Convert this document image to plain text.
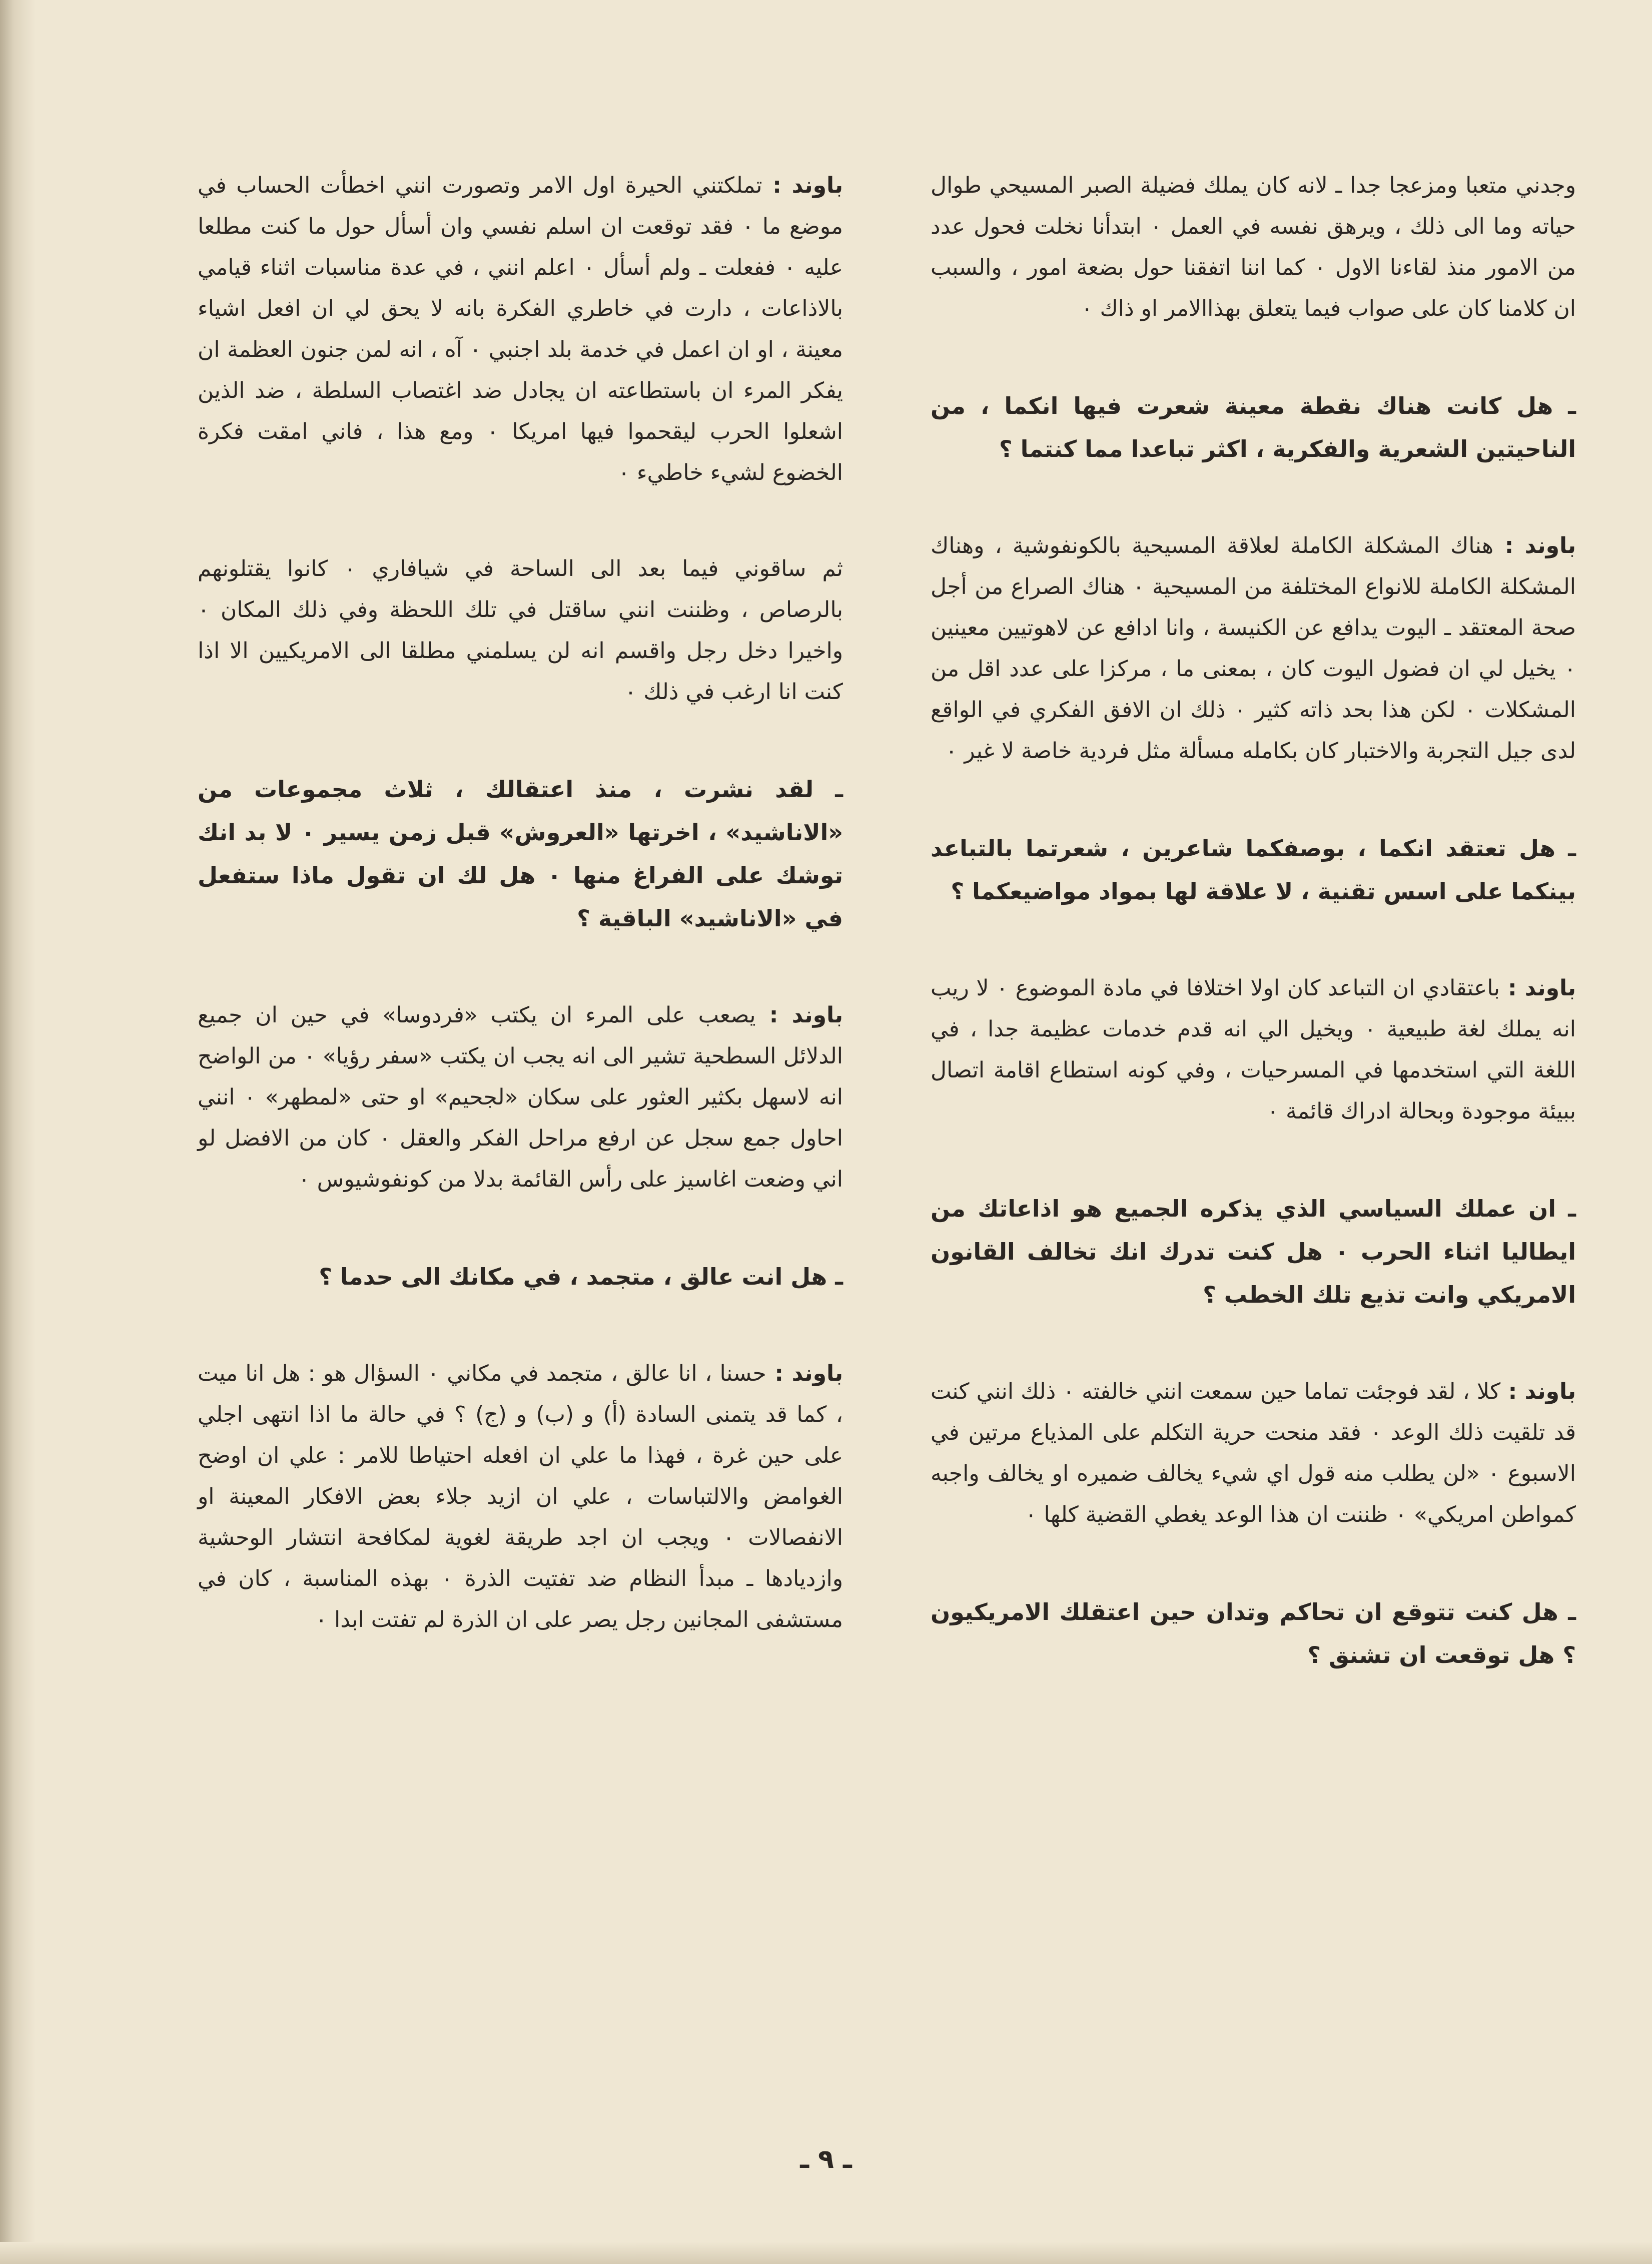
وجدني متعبا ومزعجا جدا ـ لانه كان يملك فضيلة الصبر المسيحي طوال حياته وما الى ذلك ، ويرهق نفسه في العمل ٠ ابتدأنا نخلت فحول عدد من الامور منذ لقاءنا الاول ٠ كما اننا اتفقنا حول بضعة امور ، والسبب ان كلامنا كان على صواب فيما يتعلق بهذاالامر او ذاك ٠

ـ هل كانت هناك نقطة معينة شعرت فيها انكما ، من الناحيتين الشعرية والفكرية ، اكثر تباعدا مما كنتما ؟

باوند : هناك المشكلة الكاملة لعلاقة المسيحية بالكونفوشية ، وهناك المشكلة الكاملة للانواع المختلفة من المسيحية ٠ هناك الصراع من أجل صحة المعتقد ـ اليوت يدافع عن الكنيسة ، وانا ادافع عن لاهوتيين معينين ٠ يخيل لي ان فضول اليوت كان ، بمعنى ما ، مركزا على عدد اقل من المشكلات ٠ لكن هذا بحد ذاته كثير ٠ ذلك ان الافق الفكري في الواقع لدى جيل التجربة والاختبار كان بكامله مسألة مثل فردية خاصة لا غير ٠

ـ هل تعتقد انكما ، بوصفكما شاعرين ، شعرتما بالتباعد بينكما على اسس تقنية ، لا علاقة لها بمواد مواضيعكما ؟

باوند : باعتقادي ان التباعد كان اولا اختلافا في مادة الموضوع ٠ لا ريب انه يملك لغة طبيعية ٠ ويخيل الي انه قدم خدمات عظيمة جدا ، في اللغة التي استخدمها في المسرحيات ، وفي كونه استطاع اقامة اتصال ببيئة موجودة وبحالة ادراك قائمة ٠

ـ ان عملك السياسي الذي يذكره الجميع هو اذاعاتك من ايطاليا اثناء الحرب ٠ هل كنت تدرك انك تخالف القانون الامريكي وانت تذيع تلك الخطب ؟

باوند : كلا ، لقد فوجئت تماما حين سمعت انني خالفته ٠ ذلك انني كنت قد تلقيت ذلك الوعد ٠ فقد منحت حرية التكلم على المذياع مرتين في الاسبوع ٠ «لن يطلب منه قول اي شيء يخالف ضميره او يخالف واجبه كمواطن امريكي» ٠ ظننت ان هذا الوعد يغطي القضية كلها ٠

ـ هل كنت تتوقع ان تحاكم وتدان حين اعتقلك الامريكيون ؟ هل توقعت ان تشنق ؟

باوند : تملكتني الحيرة اول الامر وتصورت انني اخطأت الحساب في موضع ما ٠ فقد توقعت ان اسلم نفسي وان أسأل حول ما كنت مطلعا عليه ٠ ففعلت ـ ولم أسأل ٠ اعلم انني ، في عدة مناسبات اثناء قيامي بالاذاعات ، دارت في خاطري الفكرة بانه لا يحق لي ان افعل اشياء معينة ، او ان اعمل في خدمة بلد اجنبي ٠ آه ، انه لمن جنون العظمة ان يفكر المرء ان باستطاعته ان يجادل ضد اغتصاب السلطة ، ضد الذين اشعلوا الحرب ليقحموا فيها امريكا ٠ ومع هذا ، فاني امقت فكرة الخضوع لشيء خاطيء ٠

ثم ساقوني فيما بعد الى الساحة في شيافاري ٠ كانوا يقتلونهم بالرصاص ، وظننت انني ساقتل في تلك اللحظة وفي ذلك المكان ٠ واخيرا دخل رجل واقسم انه لن يسلمني مطلقا الى الامريكيين الا اذا كنت انا ارغب في ذلك ٠

ـ لقد نشرت ، منذ اعتقالك ، ثلاث مجموعات من «الاناشيد» ، اخرتها «العروش» قبل زمن يسير ٠ لا بد انك توشك على الفراغ منها ٠ هل لك ان تقول ماذا ستفعل في «الاناشيد» الباقية ؟

باوند : يصعب على المرء ان يكتب «فردوسا» في حين ان جميع الدلائل السطحية تشير الى انه يجب ان يكتب «سفر رؤيا» ٠ من الواضح انه لاسهل بكثير العثور على سكان «لجحيم» او حتى «لمطهر» ٠ انني احاول جمع سجل عن ارفع مراحل الفكر والعقل ٠ كان من الافضل لو اني وضعت اغاسيز على رأس القائمة بدلا من كونفوشيوس ٠

ـ هل انت عالق ، متجمد ، في مكانك الى حدما ؟

باوند : حسنا ، انا عالق ، متجمد في مكاني ٠ السؤال هو : هل انا ميت ، كما قد يتمنى السادة (أ) و (ب) و (ج) ؟ في حالة ما اذا انتهى اجلي على حين غرة ، فهذا ما علي ان افعله احتياطا للامر : علي ان اوضح الغوامض والالتباسات ، علي ان ازيد جلاء بعض الافكار المعينة او الانفصالات ٠ ويجب ان اجد طريقة لغوية لمكافحة انتشار الوحشية وازديادها ـ مبدأ النظام ضد تفتيت الذرة ٠ بهذه المناسبة ، كان في مستشفى المجانين رجل يصر على ان الذرة لم تفتت ابدا ٠

ـ ٩ ـ
